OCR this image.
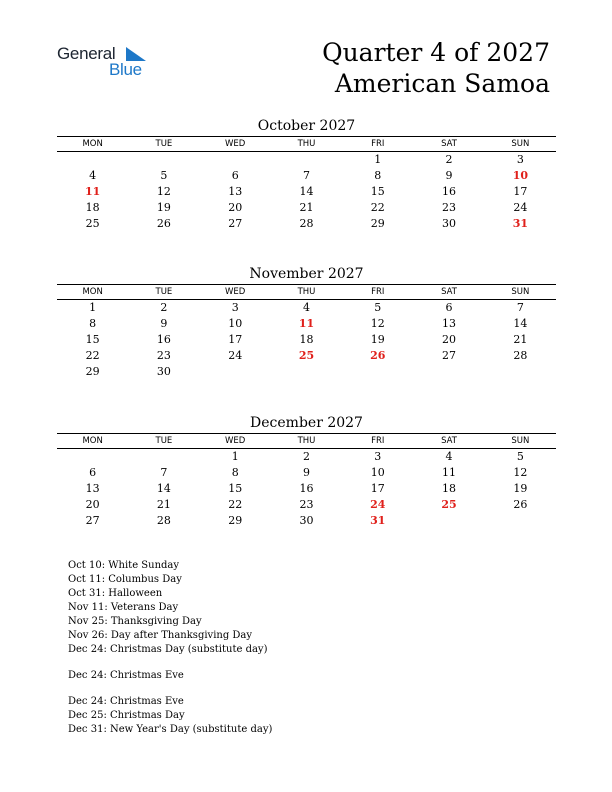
General
Blue
Quarter 4 of 2027
American Samoa
October 2027
MON	TUE	WED	THU	FRI	SAT	SUN
				1	2	3
4	5	6	7	8	9	10
11	12	13	14	15	16	17
18	19	20	21	22	23	24
25	26	27	28	29	30	31
November 2027
MON	TUE	WED	THU	FRI	SAT	SUN
1	2	3	4	5	6	7
8	9	10	11	12	13	14
15	16	17	18	19	20	21
22	23	24	25	26	27	28
29	30					
December 2027
MON	TUE	WED	THU	FRI	SAT	SUN
		1	2	3	4	5
6	7	8	9	10	11	12
13	14	15	16	17	18	19
20	21	22	23	24	25	26
27	28	29	30	31		
Oct 10: White Sunday
Oct 11: Columbus Day
Oct 31: Halloween
Nov 11: Veterans Day
Nov 25: Thanksgiving Day
Nov 26: Day after Thanksgiving Day
Dec 24: Christmas Day (substitute day)
Dec 24: Christmas Eve
Dec 24: Christmas Eve
Dec 25: Christmas Day
Dec 31: New Year's Day (substitute day)
